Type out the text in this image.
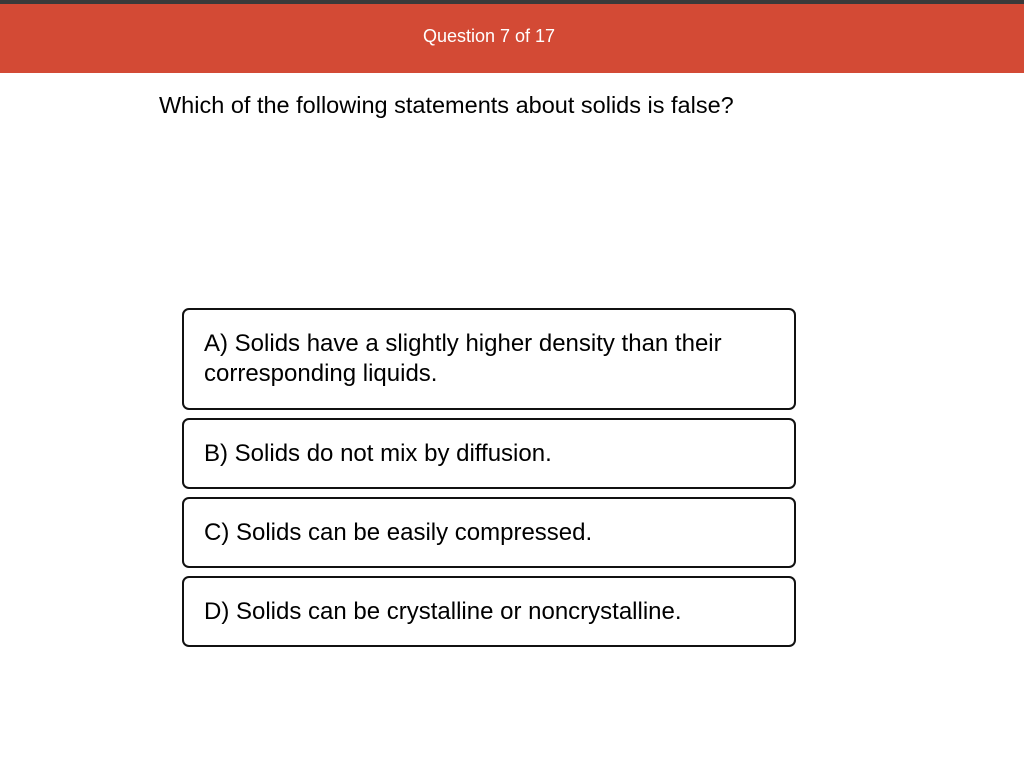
Question 7 of 17
Which of the following statements about solids is false?
A) Solids have a slightly higher density than their corresponding liquids.
B) Solids do not mix by diffusion.
C) Solids can be easily compressed.
D) Solids can be crystalline or noncrystalline.
